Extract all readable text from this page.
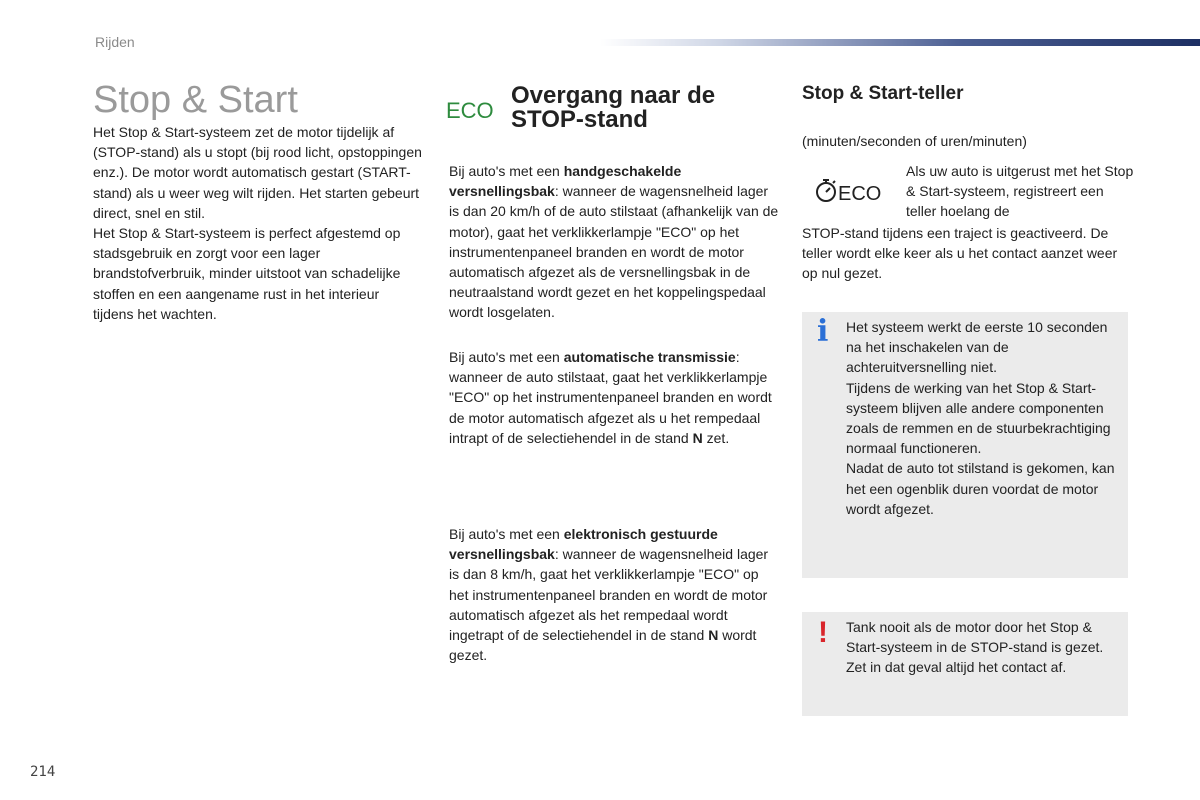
Rijden
Stop & Start

Het Stop & Start-systeem zet de motor tijdelijk af (STOP-stand) als u stopt (bij rood licht, opstoppingen enz.). De motor wordt automatisch gestart (START-stand) als u weer weg wilt rijden. Het starten gebeurt direct, snel en stil.

Het Stop & Start-systeem is perfect afgestemd op stadsgebruik en zorgt voor een lager brandstofverbruik, minder uitstoot van schadelijke stoffen en een aangename rust in het interieur tijdens het wachten.

ECO
Overgang naar de
STOP-stand

Bij auto's met een handgeschakelde versnellingsbak: wanneer de wagensnelheid lager is dan 20 km/h of de auto stilstaat (afhankelijk van de motor), gaat het verklikkerlampje "ECO" op het instrumentenpaneel branden en wordt de motor automatisch afgezet als de versnellingsbak in de neutraalstand wordt gezet en het koppelingspedaal wordt losgelaten.

Bij auto's met een automatische transmissie: wanneer de auto stilstaat, gaat het verklikkerlampje "ECO" op het instrumentenpaneel branden en wordt de motor automatisch afgezet als u het rempedaal intrapt of de selectiehendel in de stand N zet.

Bij auto's met een elektronisch gestuurde versnellingsbak: wanneer de wagensnelheid lager is dan 8 km/h, gaat het verklikkerlampje "ECO" op het instrumentenpaneel branden en wordt de motor automatisch afgezet als het rempedaal wordt ingetrapt of de selectiehendel in de stand N wordt gezet.

Stop & Start-teller

(minuten/seconden of uren/minuten)

ECO

Als uw auto is uitgerust met het Stop & Start-systeem, registreert een teller hoelang de

STOP-stand tijdens een traject is geactiveerd. De teller wordt elke keer als u het contact aanzet weer op nul gezet.

i Het systeem werkt de eerste 10 seconden na het inschakelen van de achteruitversnelling niet.

Tijdens de werking van het Stop & Start-systeem blijven alle andere componenten zoals de remmen en de stuurbekrachtiging normaal functioneren.

Nadat de auto tot stilstand is gekomen, kan het een ogenblik duren voordat de motor wordt afgezet.

! Tank nooit als de motor door het Stop & Start-systeem in de STOP-stand is gezet. Zet in dat geval altijd het contact af.

214
